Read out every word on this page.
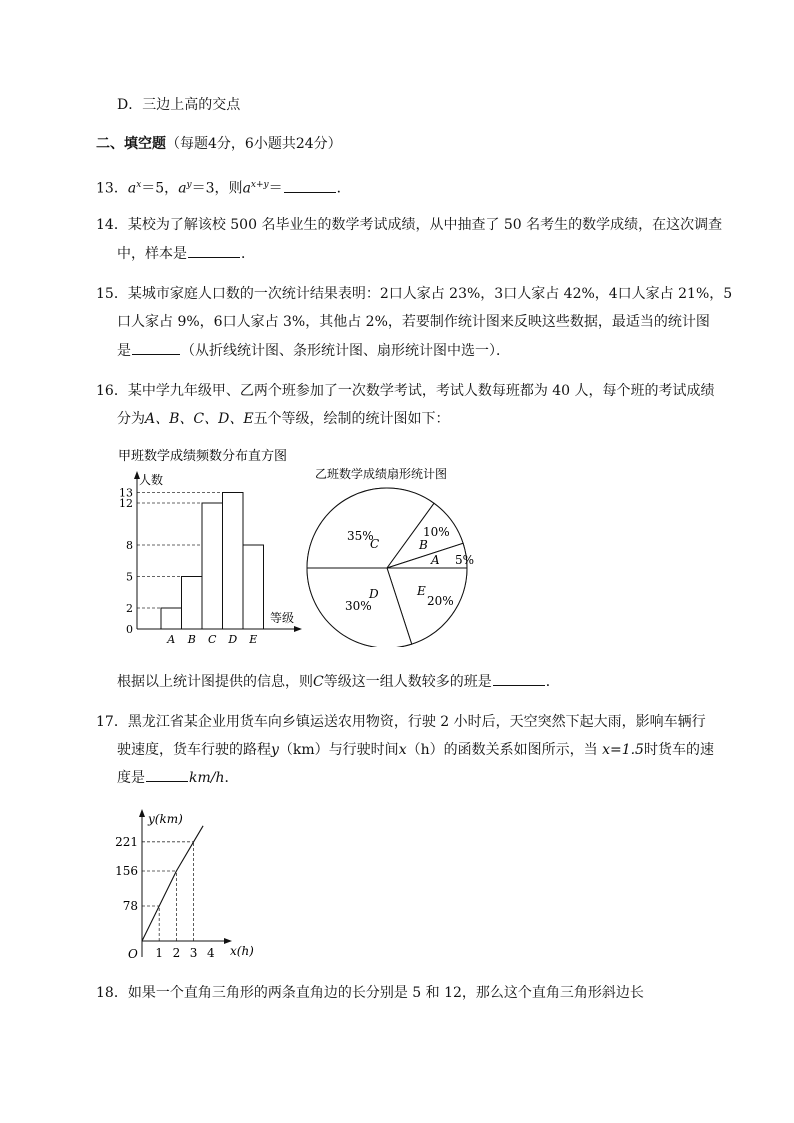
D．三边上高的交点
二、填空题（每题4分，6小题共24分）
13．$a^x=5$，$a^y=3$，则$a^{x+y}=$	．
14．某校为了解该校 500 名毕业生的数学考试成绩，从中抽查了 50 名考生的数学成绩，在这次调查
中，样本是	．
15．某城市家庭人口数的一次统计结果表明：2口人家占 23%，3口人家占 42%，4口人家占 21%，5
口人家占 9%，6口人家占 3%，其他占 2%，若要制作统计图来反映这些数据，最适当的统计图
是	（从折线统计图、条形统计图、扇形统计图中选一）．
16．某中学九年级甲、乙两个班参加了一次数学考试，考试人数每班都为 40 人，每个班的考试成绩
分为A、B、C、D、E五个等级，绘制的统计图如下：
甲班数学成绩频数分布直方图
人数
等级
0
2
5
8
12
13
A B C D E
乙班数学成绩扇形统计图
C
35%
B
10%
A 5%
E
20%
D
30%
根据以上统计图提供的信息，则C等级这一组人数较多的班是	．
17．黑龙江省某企业用货车向乡镇运送农用物资，行驶 2 小时后，天空突然下起大雨，影响车辆行
驶速度，货车行驶的路程y（km）与行驶时间x（h）的函数关系如图所示，当 x=1.5时货车的速
度是	km/h．
y(km)
x(h)
O
78
156
221
1 2 3 4
18．如果一个直角三角形的两条直角边的长分别是 5 和 12，那么这个直角三角形斜边长
